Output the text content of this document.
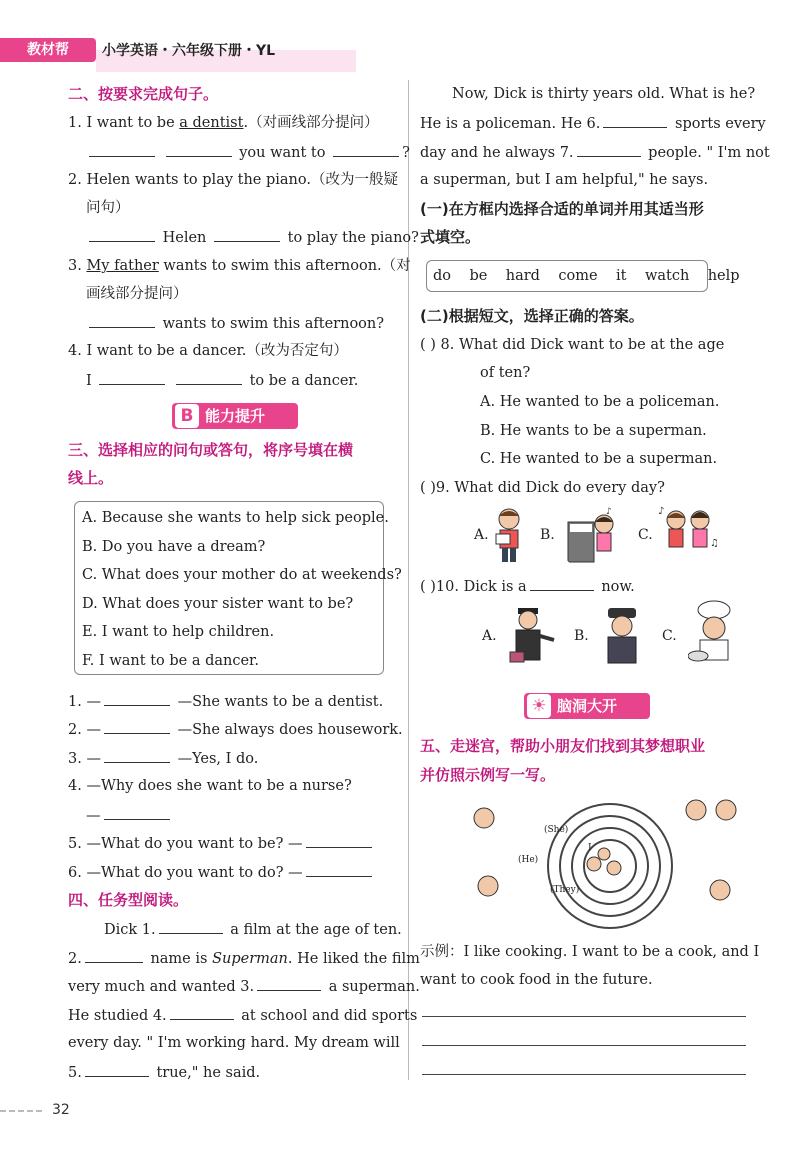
教材帮	小学英语・六年级下册・YL
二、按要求完成句子。
1. I want to be a dentist.（对画线部分提问）
you want to	?
2. Helen wants to play the piano.（改为一般疑
问句）
Helen	to play the piano?
3. My father wants to swim this afternoon.（对
画线部分提问）
wants to swim this afternoon?
4. I want to be a dancer.（改为否定句）
I	to be a dancer.
B 能力提升
三、选择相应的问句或答句，将序号填在横
线上。
A. Because she wants to help sick people.
B. Do you have a dream?
C. What does your mother do at weekends?
D. What does your sister want to be?
E. I want to help children.
F. I want to be a dancer.
1. —	—She wants to be a dentist.
2. —	—She always does housework.
3. —	—Yes, I do.
4. —Why does she want to be a nurse?
—
5. —What do you want to be? —
6. —What do you want to do? —
四、任务型阅读。
Dick 1.	a film at the age of ten.
2.	name is Superman. He liked the film
very much and wanted 3.	a superman.
He studied 4.	at school and did sports
every day. " I'm working hard. My dream will
5.	true," he said.
Now, Dick is thirty years old. What is he?
He is a policeman. He 6.	sports every
day and he always 7.	people. " I'm not
a superman, but I am helpful," he says.
(一)在方框内选择合适的单词并用其适当形
式填空。
do be hard come it watch help
(二)根据短文，选择正确的答案。
( ) 8. What did Dick want to be at the age
of ten?
A. He wanted to be a policeman.
B. He wants to be a superman.
C. He wanted to be a superman.
( )9. What did Dick do every day?
A.	B.	C.
♪	♪
♫
( )10. Dick is a	now.
A.	B.	C.
☀ 脑洞大开
五、走迷宫，帮助小朋友们找到其梦想职业
并仿照示例写一写。
(She)
(He)
I
(They)
示例：I like cooking. I want to be a cook, and I
want to cook food in the future.
32
